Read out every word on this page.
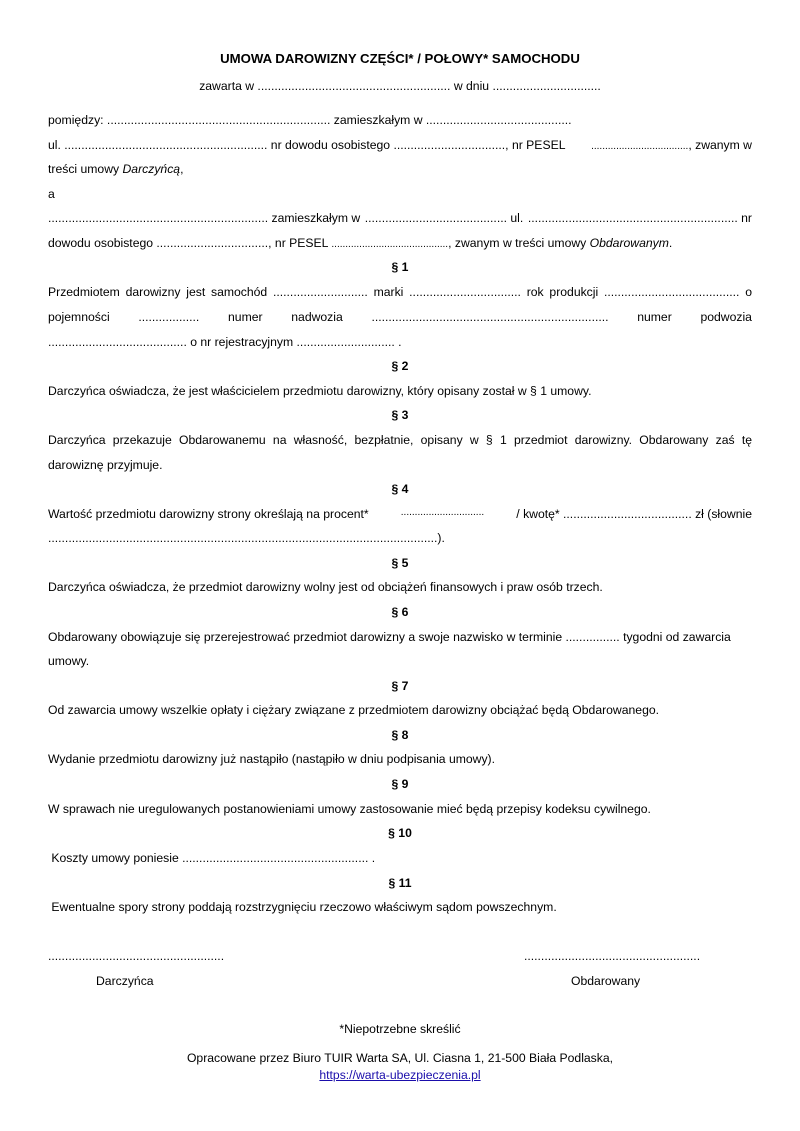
UMOWA DAROWIZNY CZĘŚCI* / POŁOWY* SAMOCHODU
zawarta w ......................................................... w dniu ................................
pomiędzy: .................................................................. zamieszkałym w ...........................................
ul. ............................................................ nr dowodu osobistego ................................., nr PESEL	..................................., zwanym w
treści umowy Darczyńcą,
a
................................................................. zamieszkałym w .......................................... ul. .............................................................. nr
dowodu osobistego ................................., nr PESEL .........................................., zwanym w treści umowy Obdarowanym.
§ 1
Przedmiotem darowizny jest samochód ............................ marki ................................. rok produkcji ........................................ o
pojemności .................. numer nadwozia ...................................................................... numer podwozia
......................................... o nr rejestracyjnym ............................. .
§ 2
Darczyńca oświadcza, że jest właścicielem przedmiotu darowizny, który opisany został w § 1 umowy.
§ 3
Darczyńca przekazuje Obdarowanemu na własność, bezpłatnie, opisany w § 1 przedmiot darowizny. Obdarowany zaś tę
darowiznę przyjmuje.
§ 4
Wartość przedmiotu darowizny strony określają na procent*	..............................	/ kwotę* ...................................... zł (słownie
...................................................................................................................).
§ 5
Darczyńca oświadcza, że przedmiot darowizny wolny jest od obciążeń finansowych i praw osób trzech.
§ 6
Obdarowany obowiązuje się przerejestrować przedmiot darowizny a swoje nazwisko w terminie ................ tygodni od zawarcia
umowy.
§ 7
Od zawarcia umowy wszelkie opłaty i ciężary związane z przedmiotem darowizny obciążać będą Obdarowanego.
§ 8
Wydanie przedmiotu darowizny już nastąpiło (nastąpiło w dniu podpisania umowy).
§ 9
W sprawach nie uregulowanych postanowieniami umowy zastosowanie mieć będą przepisy kodeksu cywilnego.
§ 10
Koszty umowy poniesie ....................................................... .
§ 11
Ewentualne spory strony poddają rozstrzygnięciu rzeczowo właściwym sądom powszechnym.
....................................................	....................................................
Darczyńca	Obdarowany
*Niepotrzebne skreślić
Opracowane przez Biuro TUIR Warta SA, Ul. Ciasna 1, 21-500 Biała Podlaska,
https://warta-ubezpieczenia.pl
